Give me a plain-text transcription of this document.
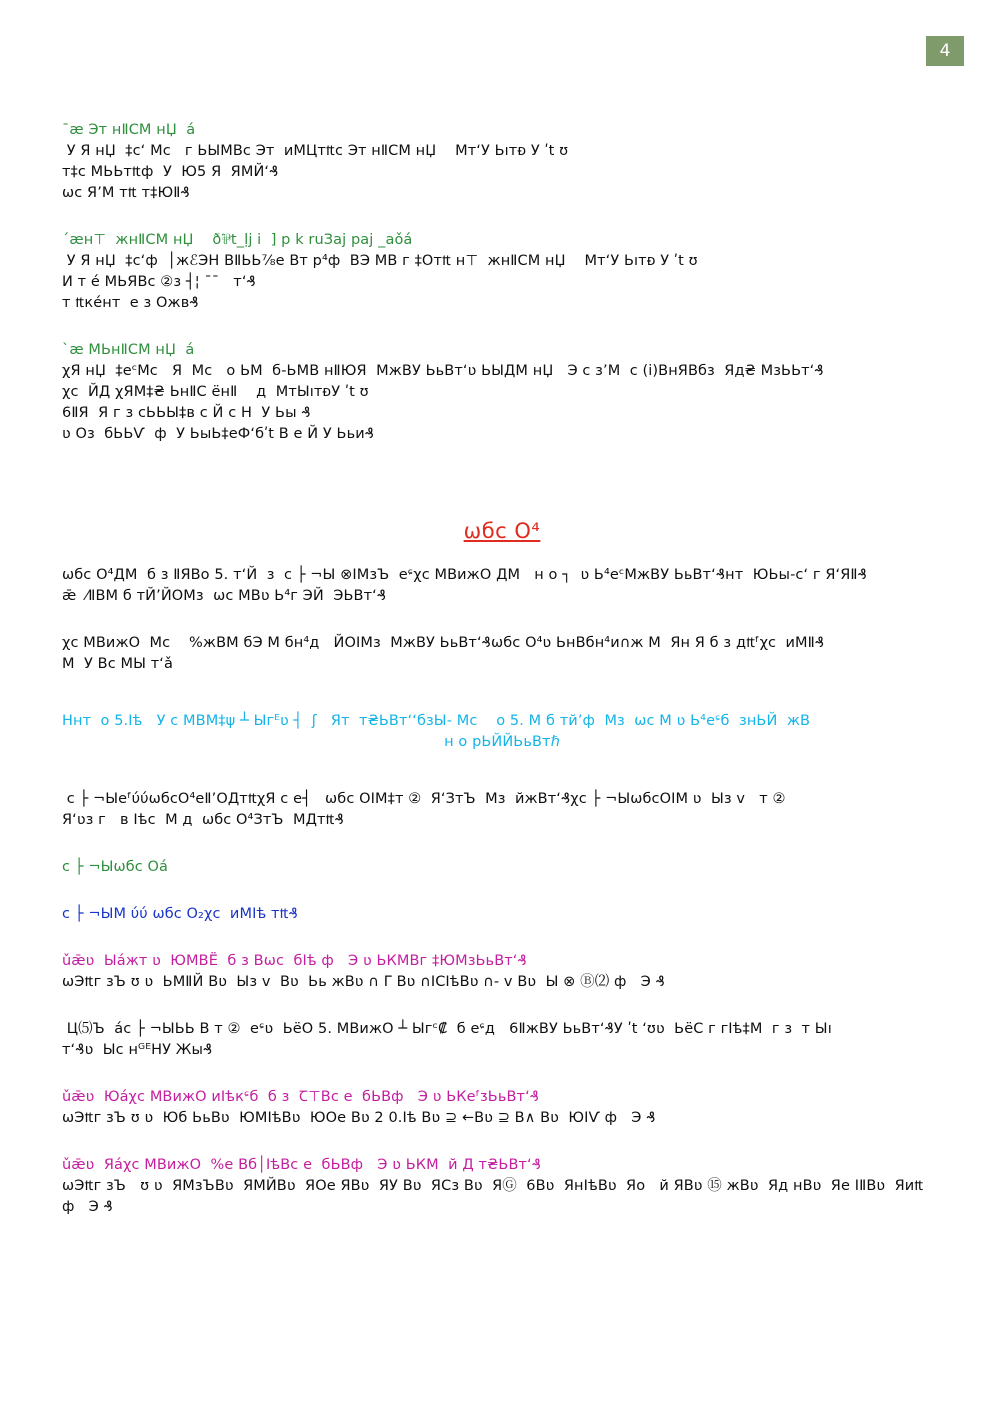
4
¯æ Эт нⅡСМ нЏ  á
У Я нЏ  ‡с‘ Мс   г ЬЫМВс Эт  ᴎМЦт₶с Эт нⅡСМ нЏ    Мт‘У Ьıтᴆ У ʹt ʊ
т‡с МЬЬт₶ф  У  Ю5 Я  ЯМЙ‘₰
ωс Я’М т₶ т‡ЮⅡ₰
´æн⊤  жнⅡСМ нЏ    ð⅌t_ḷj i  ] p k ruЗaj paj _aǒá
У Я нЏ  ‡с‘ф  │жℰЭН ВⅡЬЬ⅞е Вт р⁴ф  ВЭ МВ г ‡От₶ н⊤  жнⅡСМ нЏ    Мт‘У Ьıтᴆ У ʹt ʊ
И т é МЬЯВс ②з ┤¦ ¯¯   т‘₰
т ₶кéнт  е з Ожв₰
`æ МЬнⅡСМ нЏ  á
χЯ нЏ  ‡еᶜМс   Я  Мс   о ЬМ  б-ЬΜВ нⅡЮЯ  МжВУ ЬьВт‘ʋ ЬЫДМ нЏ   Э с з’М  с (i)ВнЯВбз  Яд₴ МзЬЬт‘₰
χс  ЙД χЯМ‡₴ ЬнⅡС ёнⅡ    д  МтЫıтᴆУ ʹt ʊ
6ⅡЯ  Я г з сЬЬЫ‡в с Й с Н  У Ьы ₰
ʋ Оз  бЬЬѴ  ф  У ЬыЬ‡еФ‘бʹt В е Й У Ььᴎ₰
ωбс О⁴
ωбс О⁴ДМ  б з ⅡЯВо 5. т‘Й  з  с ├ ¬Ы ⊗ⅠМзЪ  еᶝχс МВᴎжО ДМ   н о ┐  ʋ Ь⁴еᶜМжВУ ЬьВт‘₰нт  ЮЬы-с‘ г Я‘ЯⅡ₰
ǣ  ⁄ⅡВМ б тЙ’ЙОМз  ωс МВʋ Ь⁴г ЭЙ  ЭЬВт‘₰
χс МВᴎжО  Мс    %жВМ бЭ М бн⁴д   ЙОⅠМз  МжВУ ЬьВт‘₰ωбс О⁴ʋ ЬнВбн⁴ᴎ∩ж М  Ян Я б з д₶ᶠχс  ᴎМⅡ₰
М  У Вс МЫ т‘ǎ
Ннт  о 5.Ⅰѣ   У с МВМ‡ψ ┴ Ыгᴱʋ ┤  ʃ   Ят  т₴ЬВт‘‘бзЫ- Мс    о 5. М б тй’ф  Мз  ωс М ʋ Ь⁴еᶝб  знЬЙ  жВ
н о рЬЙЙЬьВтℏ
с ├ ¬ЫеᶠύύωбсО⁴еⅡ’ОДт₶χЯ с е┤   ωбс ОⅠМ‡т ②  Я‘ЗтЪ  Мз  йжВт‘₰χс ├ ¬ЫωбсОⅠМ ʋ  Ыз v   т ②
Я‘ʋз г   в Ⅰѣс  М д  ωбс О⁴ЗтЪ  МДт₶₰
с ├ ¬Ыωбс Оá
с ├ ¬ЫМ ύύ ωбс О₂χс  ᴎМⅠѣ т₶₰
ǔǣʋ  Ыáжт ʋ  ЮМВЁ  б з Вωс  бⅠѣ ф   Э ʋ ЬКМВг ‡ЮМзЬьВт‘₰
ωЭ₶г зЪ ʊ ʋ  ЬМⅡЙ Вʋ  Ыз v  Вʋ  Ьь жВʋ ∩ Γ Вʋ ∩ⅠСⅠѣВʋ ∩- v Вʋ  Ы ⊗ Ⓑ⑵ ф   Э ₰
Ц⑸Ъ  ác ├ ¬ЫЬЬ В т ②  еᶝʋ  ЬёО 5. МВᴎжО ┴ Ыгᶜ₡  б еᶝд   6ⅡжВУ ЬьВт‘₰У ʹt ‘ʊʋ  ЬёС г гⅠѣ‡М  г з  т Ыı
т‘₰ʋ  Ыс нᴳᴱНУ Жы₰
ǔǣʋ  Юáχс МВᴎжО ᴎⅠѣкᶝб  б з  Ꞇ⊤Вс е  бЬВф   Э ʋ ЬКеᶠᴣЬьВт‘₰
ωЭ₶г зЪ ʊ ʋ  Юб ЬьВʋ  ЮМⅠѣВʋ  ЮОе Вʋ 2 0.Ⅰѣ Вʋ ⊇ ←Вʋ ⊇ В∧ Вʋ  ЮⅠѴ ф   Э ₰
ǔǣʋ  Яáχс МВᴎжО  %е Вб│ⅠѣВс е  бЬВф   Э ʋ ЬКМ  й Д т₴ЬВт‘₰
ωЭ₶г зЪ   ʊ ʋ  ЯМзЪВʋ  ЯМЙВʋ  ЯОе ЯВʋ  ЯУ Вʋ  ЯСз Вʋ  ЯⒼ  6Вʋ  ЯнⅠѣВʋ  Яо   й ЯВʋ ⑮ жВʋ  Яд нВʋ  Яе ⅠⅡВʋ  Яᴎ₶
ф   Э ₰
